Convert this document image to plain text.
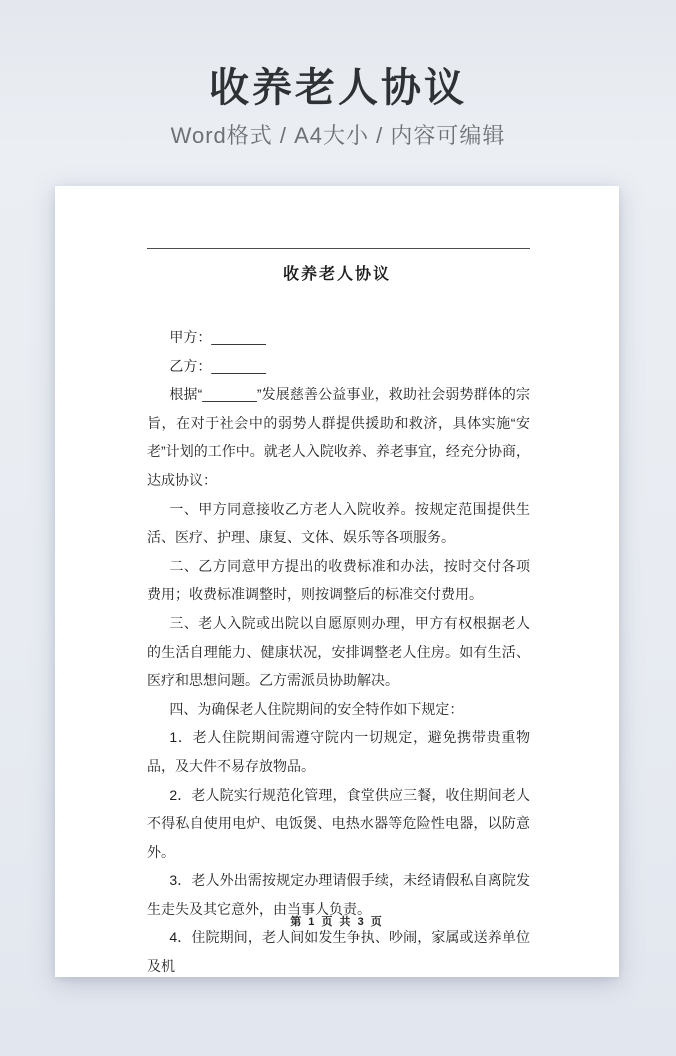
收养老人协议

Word格式 / A4大小 / 内容可编辑

收养老人协议

甲方：_______

乙方：_______

根据“_______”发展慈善公益事业，救助社会弱势群体的宗旨，在对于社会中的弱势人群提供援助和救济，具体实施“安老”计划的工作中。就老人入院收养、养老事宜，经充分协商，达成协议：

一、甲方同意接收乙方老人入院收养。按规定范围提供生活、医疗、护理、康复、文体、娱乐等各项服务。

二、乙方同意甲方提出的收费标准和办法，按时交付各项费用；收费标准调整时，则按调整后的标准交付费用。

三、老人入院或出院以自愿原则办理，甲方有权根据老人的生活自理能力、健康状况，安排调整老人住房。如有生活、医疗和思想问题。乙方需派员协助解决。

四、为确保老人住院期间的安全特作如下规定：

1．老人住院期间需遵守院内一切规定，避免携带贵重物品，及大件不易存放物品。

2．老人院实行规范化管理，食堂供应三餐，收住期间老人不得私自使用电炉、电饭煲、电热水器等危险性电器，以防意外。

3．老人外出需按规定办理请假手续，未经请假私自离院发生走失及其它意外，由当事人负责。

4．住院期间，老人间如发生争执、吵闹，家属或送养单位及机

第 1 页 共 3 页
